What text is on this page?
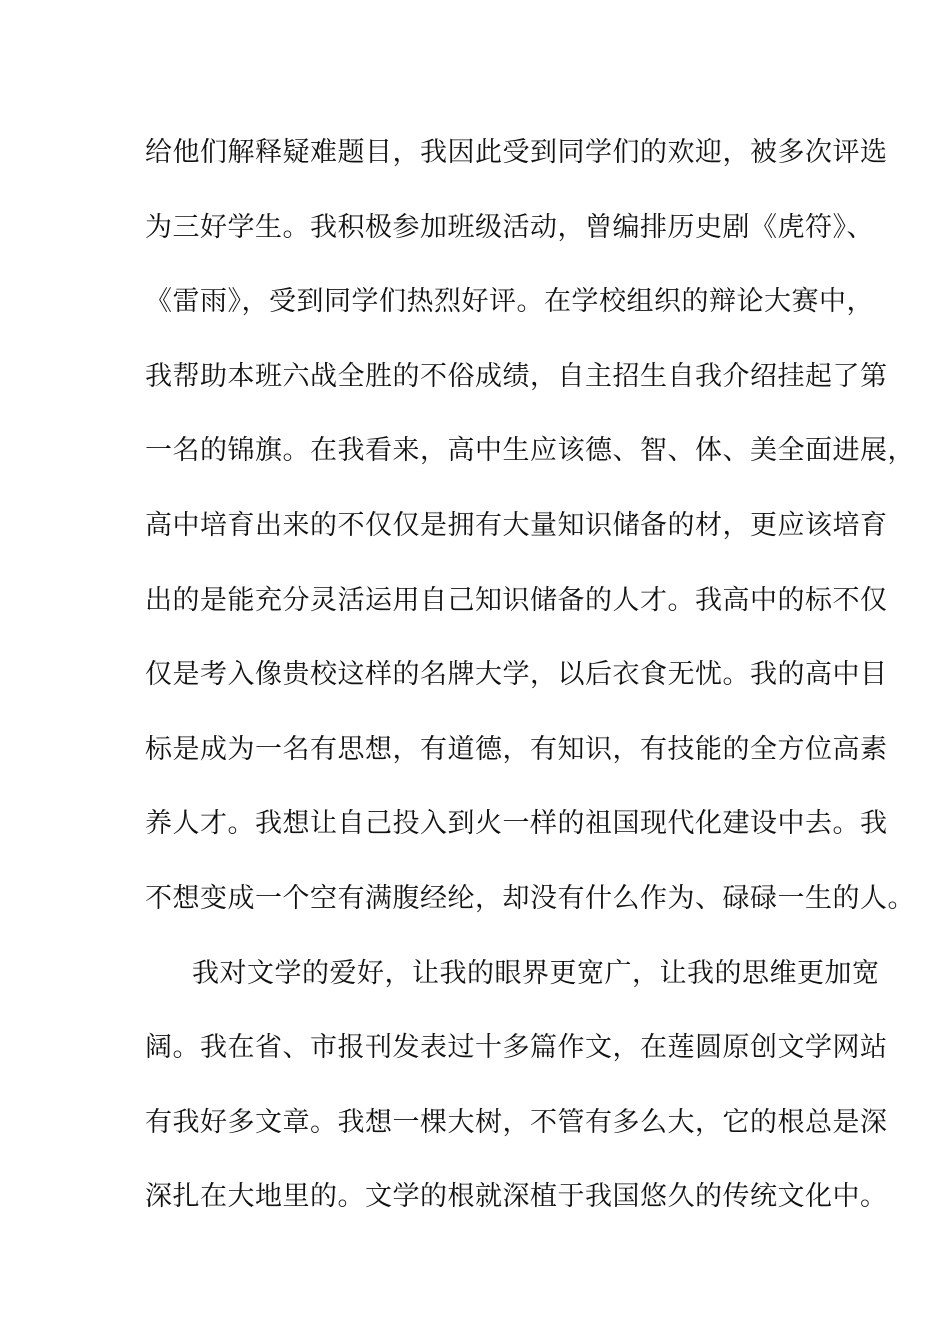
给他们解释疑难题目，我因此受到同学们的欢迎，被多次评选
为三好学生。我积极参加班级活动，曾编排历史剧《虎符》、
《雷雨》，受到同学们热烈好评。在学校组织的辩论大赛中，
我帮助本班六战全胜的不俗成绩，自主招生自我介绍挂起了第
一名的锦旗。在我看来，高中生应该德、智、体、美全面进展，
高中培育出来的不仅仅是拥有大量知识储备的材，更应该培育
出的是能充分灵活运用自己知识储备的人才。我高中的标不仅
仅是考入像贵校这样的名牌大学，以后衣食无忧。我的高中目
标是成为一名有思想，有道德，有知识，有技能的全方位高素
养人才。我想让自己投入到火一样的祖国现代化建设中去。我
不想变成一个空有满腹经纶，却没有什么作为、碌碌一生的人。
我对文学的爱好，让我的眼界更宽广，让我的思维更加宽
阔。我在省、市报刊发表过十多篇作文，在莲圆原创文学网站
有我好多文章。我想一棵大树，不管有多么大，它的根总是深
深扎在大地里的。文学的根就深植于我国悠久的传统文化中。
